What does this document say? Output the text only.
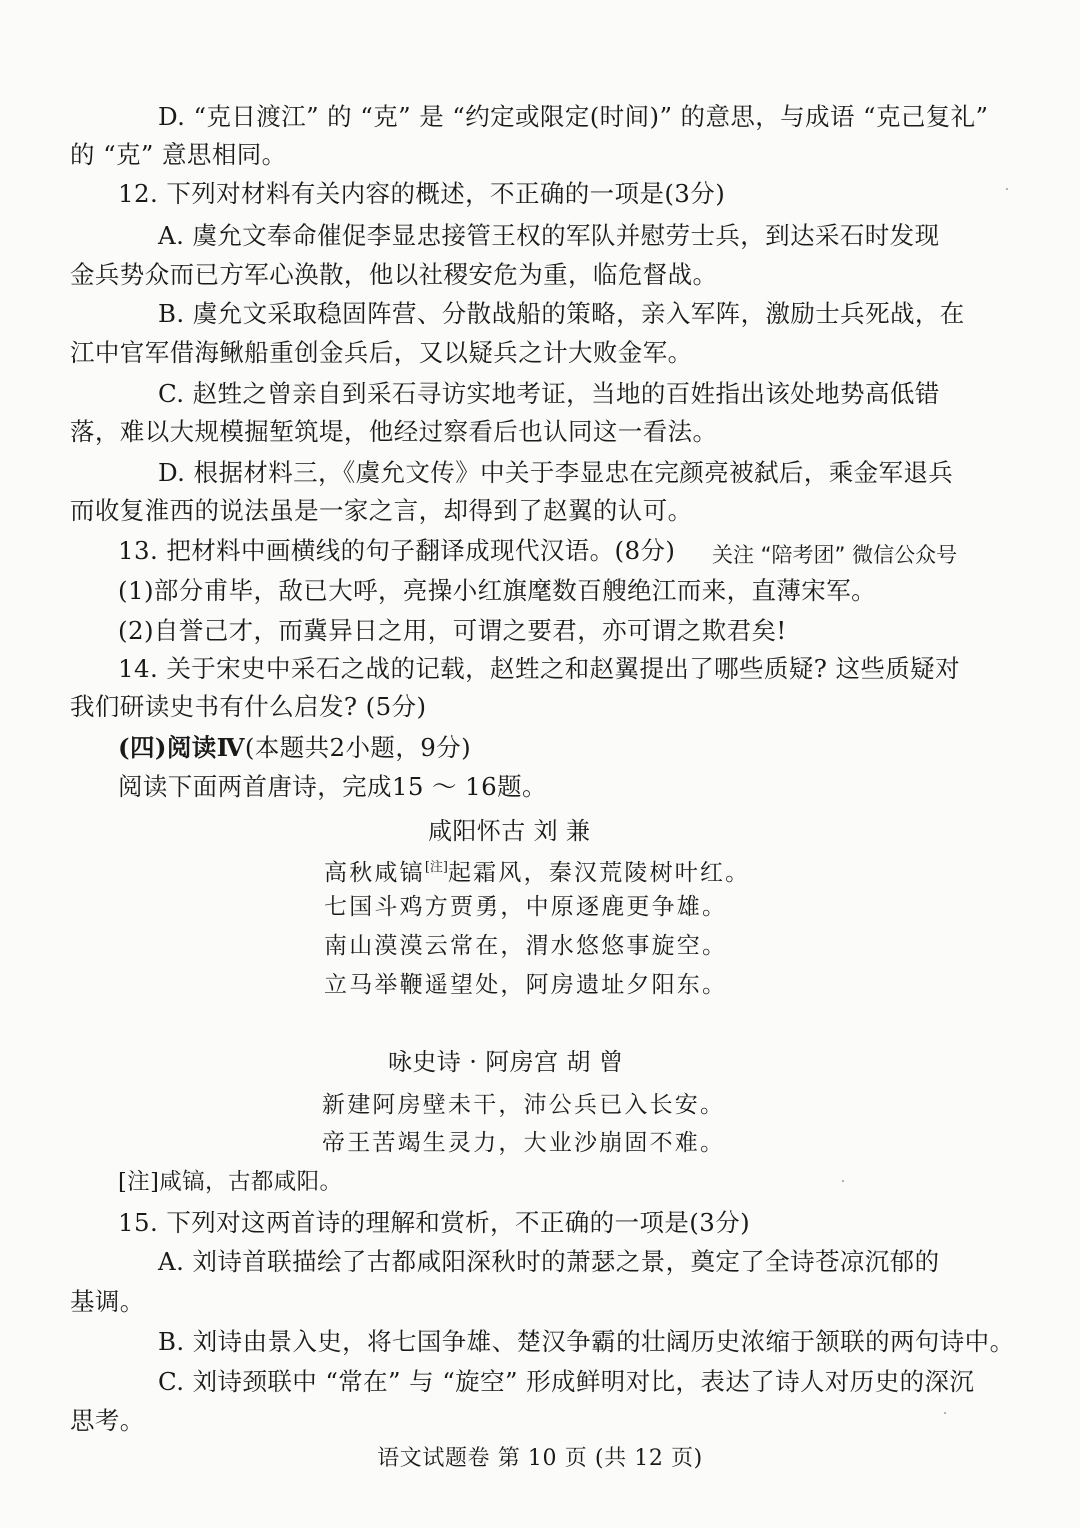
D. “克日渡江” 的 “克” 是 “约定或限定(时间)” 的意思，与成语 “克己复礼”
的 “克” 意思相同。
12. 下列对材料有关内容的概述，不正确的一项是(3分)
A. 虞允文奉命催促李显忠接管王权的军队并慰劳士兵，到达采石时发现
金兵势众而已方军心涣散，他以社稷安危为重，临危督战。
B. 虞允文采取稳固阵营、分散战船的策略，亲入军阵，激励士兵死战，在
江中官军借海鳅船重创金兵后，又以疑兵之计大败金军。
C. 赵甡之曾亲自到采石寻访实地考证，当地的百姓指出该处地势高低错
落，难以大规模掘堑筑堤，他经过察看后也认同这一看法。
D. 根据材料三，《虞允文传》中关于李显忠在完颜亮被弑后，乘金军退兵
而收复淮西的说法虽是一家之言，却得到了赵翼的认可。
13. 把材料中画横线的句子翻译成现代汉语。(8分) 关注 “陪考团” 微信公众号
(1)部分甫毕，敌已大呼，亮操小红旗麾数百艘绝江而来，直薄宋军。
(2)自誉己才，而冀异日之用，可谓之要君，亦可谓之欺君矣!
14. 关于宋史中采石之战的记载，赵甡之和赵翼提出了哪些质疑? 这些质疑对
我们研读史书有什么启发? (5分)
(四)阅读Ⅳ(本题共2小题，9分)
阅读下面两首唐诗，完成15 ～ 16题。
咸阳怀古 刘 兼
高秋咸镐[注]起霜风，秦汉荒陵树叶红。
七国斗鸡方贾勇，中原逐鹿更争雄。
南山漠漠云常在，渭水悠悠事旋空。
立马举鞭遥望处，阿房遗址夕阳东。
咏史诗 · 阿房宫 胡 曾
新建阿房壁未干，沛公兵已入长安。
帝王苦竭生灵力，大业沙崩固不难。
[注]咸镐，古都咸阳。
15. 下列对这两首诗的理解和赏析，不正确的一项是(3分)
A. 刘诗首联描绘了古都咸阳深秋时的萧瑟之景，奠定了全诗苍凉沉郁的
基调。
B. 刘诗由景入史，将七国争雄、楚汉争霸的壮阔历史浓缩于颔联的两句诗中。
C. 刘诗颈联中 “常在” 与 “旋空” 形成鲜明对比，表达了诗人对历史的深沉
思考。
语文试题卷 第 10 页 (共 12 页)
